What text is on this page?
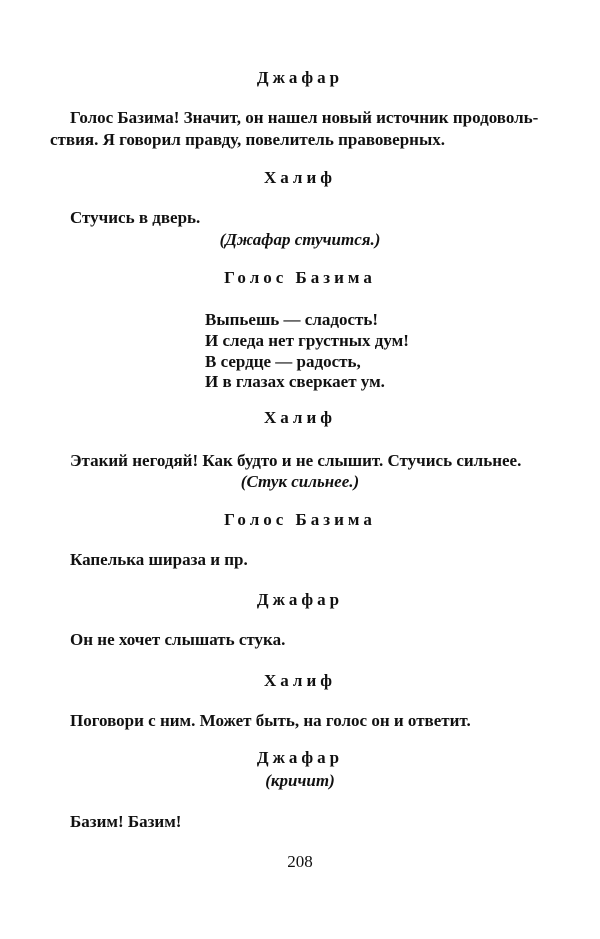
Джафар
Голос Базима! Значит, он нашел новый источник продоволь-
ствия. Я говорил правду, повелитель правоверных.
Халиф
Стучись в дверь.
(Джафар стучится.)
Голос Базима
Выпьешь — сладость!
И следа нет грустных дум!
В сердце — радость,
И в глазах сверкает ум.
Халиф
Этакий негодяй! Как будто и не слышит. Стучись сильнее.
(Стук сильнее.)
Голос Базима
Капелька шираза и пр.
Джафар
Он не хочет слышать стука.
Халиф
Поговори с ним. Может быть, на голос он и ответит.
Джафар
(кричит)
Базим! Базим!
208
